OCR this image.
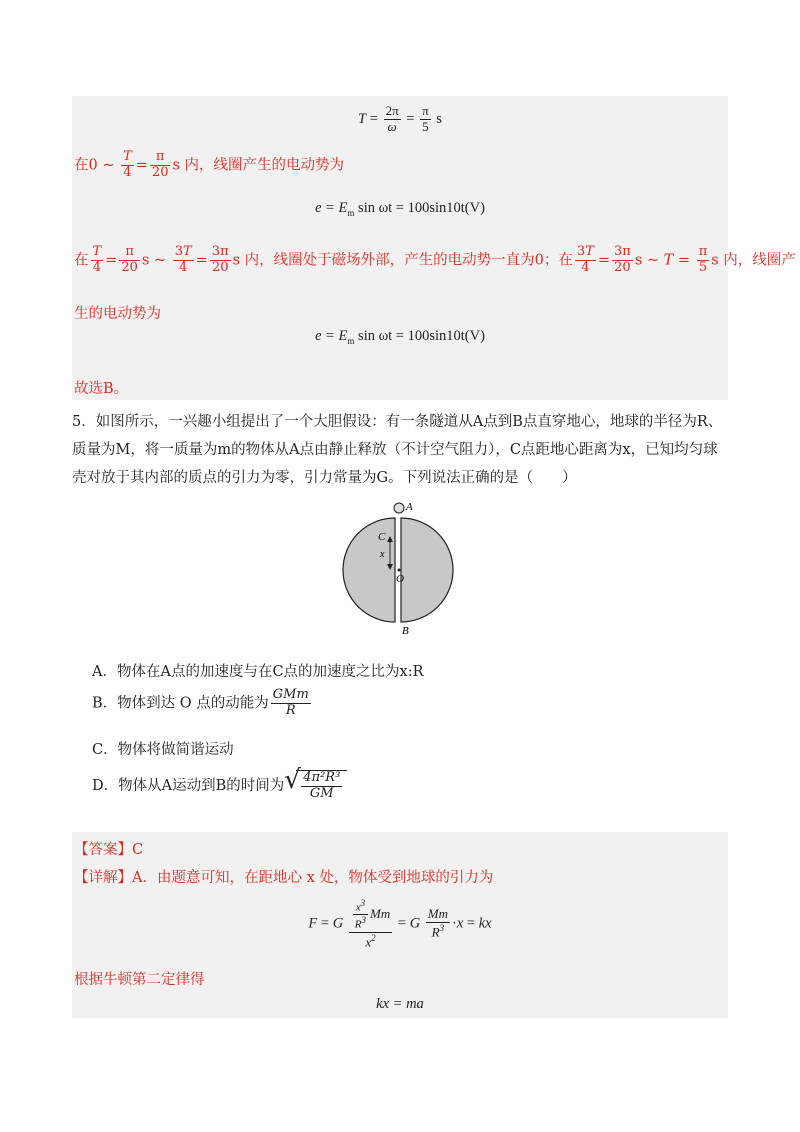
$T = \frac{2\pi}{\omega} = \frac{\pi}{5}$ s
在0 ~ $\frac{T}{4} = \frac{\pi}{20}$ s 内，线圈产生的电动势为
$e = E_m$ sin ωt = 100sin10t(V)
在 $\frac{T}{4} = \frac{\pi}{20}$ s ~ $\frac{3T}{4} = \frac{3\pi}{20}$ s 内，线圈处于磁场外部，产生的电动势一直为0；在 $\frac{3T}{4} = \frac{3\pi}{20}$ s ~ $T = \frac{\pi}{5}$ s 内，线圈产
生的电动势为
$e = E_m$ sin ωt = 100sin10t(V)
故选B。
5．如图所示，一兴趣小组提出了一个大胆假设：有一条隧道从A点到B点直穿地心，地球的半径为R、质量为M，将一质量为m的物体从A点由静止释放（不计空气阻力），C点距地心距离为x，已知均匀球壳对放于其内部的质点的引力为零，引力常量为G。下列说法正确的是（　　）
A
C
x
O
B
A．物体在A点的加速度与在C点的加速度之比为x:R
B．物体到达 O 点的动能为 $\frac{\text{GMm}}{R}$
C．物体将做简谐运动
D．物体从A运动到B的时间为
√ $\frac{\text{4π²R³}}{GM}$
【答案】C
【详解】A．由题意可知，在距地心 x 处，物体受到地球的引力为
F = G $\frac{\frac{x^3}{R^3} Mm}{x^2} = G \frac{Mm}{R^3} \cdot x$ = kx
根据牛顿第二定律得
kx = ma
